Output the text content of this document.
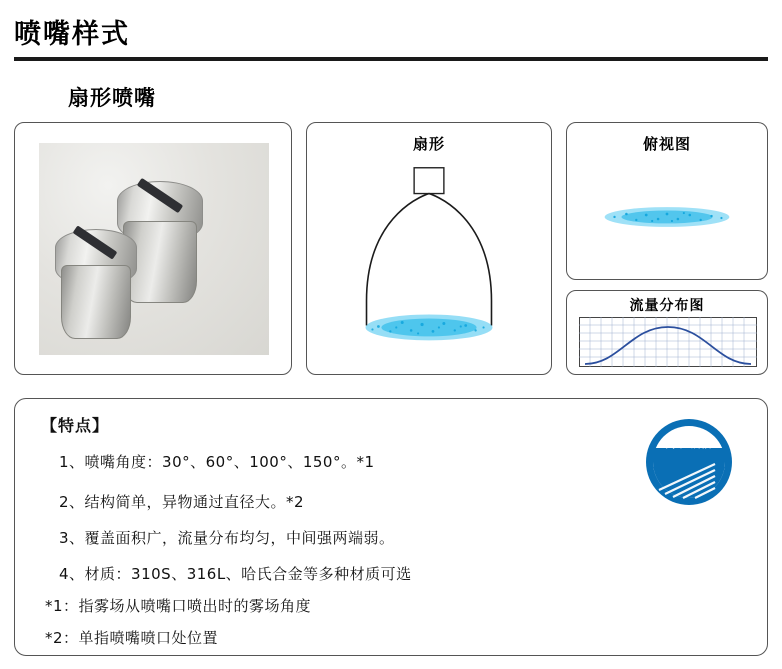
喷嘴样式
扇形喷嘴
扇形	俯视图
流量分布图
【特点】
1、喷嘴角度：30°、60°、100°、150°。*1
2、结构简单，异物通过直径大。*2
3、覆盖面积广，流量分布均匀，中间强两端弱。
4、材质：310S、316L、哈氏合金等多种材质可选
*1：指雾场从喷嘴口喷出时的雾场角度
*2：单指喷嘴喷口处位置
河北诚信
